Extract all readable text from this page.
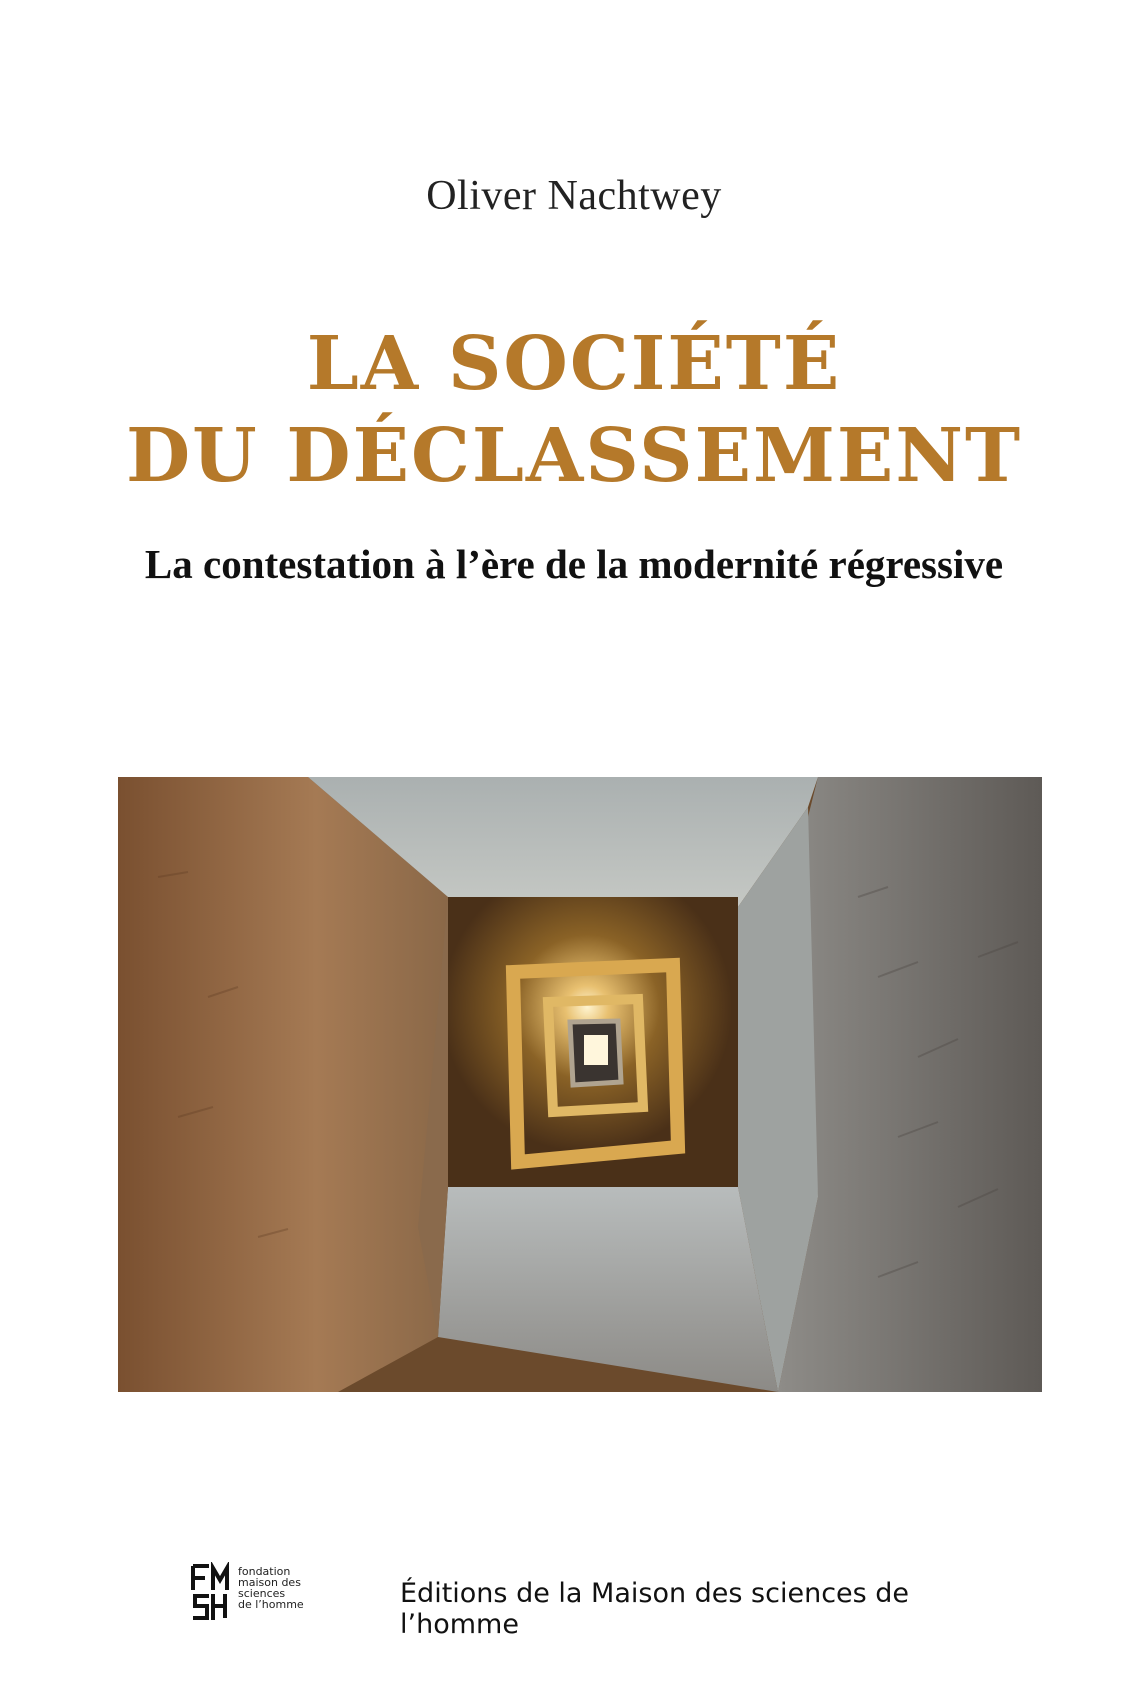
Oliver Nachtwey
LA SOCIÉTÉ
DU DÉCLASSEMENT
La contestation à l’ère de la modernité régressive
fondation
maison des
sciences
de l’homme	Éditions de la Maison des sciences de l’homme
